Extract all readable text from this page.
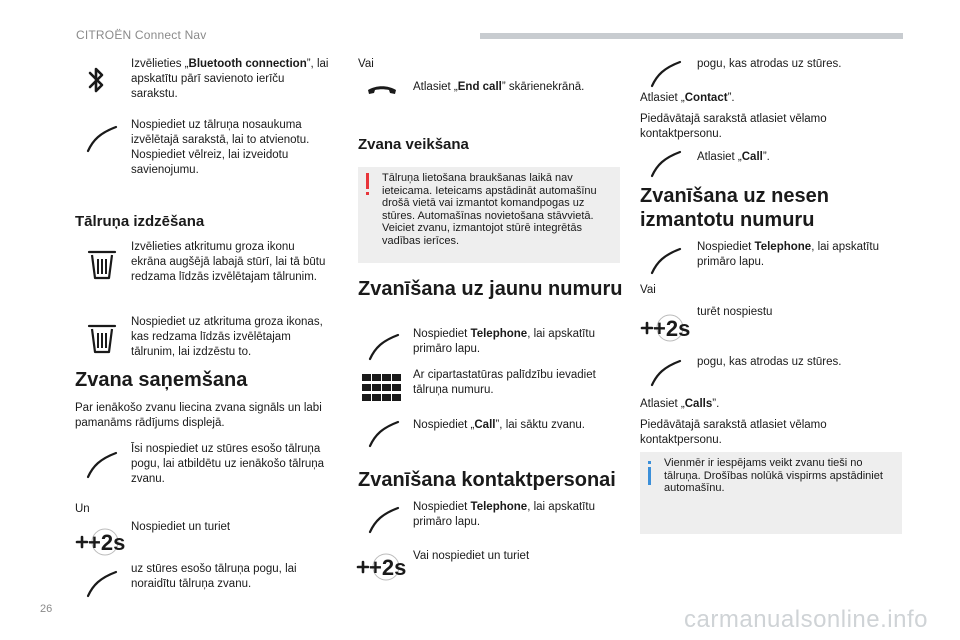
CITROËN Connect Nav
Izvēlieties „Bluetooth connection”, lai apskatītu pārī savienoto ierīču sarakstu.
Nospiediet uz tālruņa nosaukuma izvēlētajā sarakstā, lai to atvienotu. Nospiediet vēlreiz, lai izveidotu savienojumu.
Tālruņa izdzēšana
Izvēlieties atkritumu groza ikonu ekrāna augšējā labajā stūrī, lai tā būtu redzama līdzās izvēlētajam tālrunim.
Nospiediet uz atkrituma groza ikonas, kas redzama līdzās izvēlētajam tālrunim, lai izdzēstu to.
Zvana saņemšana
Par ienākošo zvanu liecina zvana signāls un labi pamanāms rādījums displejā.
Īsi nospiediet uz stūres esošo tālruņa pogu, lai atbildētu uz ienākošo tālruņa zvanu.
Un
Nospiediet un turiet
+2s
uz stūres esošo tālruņa pogu, lai noraidītu tālruņa zvanu.
Vai
Atlasiet „End call” skārienekrānā.
Zvana veikšana
Tālruņa lietošana braukšanas laikā nav ieteicama. Ieteicams apstādināt automašīnu drošā vietā vai izmantot komandpogas uz stūres. Automašīnas novietošana stāvvietā. Veiciet zvanu, izmantojot stūrē integrētās vadības ierīces.
Zvanīšana uz jaunu numuru
Nospiediet Telephone, lai apskatītu primāro lapu.
Ar cipartastatūras palīdzību ievadiet tālruņa numuru.
Nospiediet „Call”, lai sāktu zvanu.
Zvanīšana kontaktpersonai
Nospiediet Telephone, lai apskatītu primāro lapu.
Vai nospiediet un turiet
+2s
pogu, kas atrodas uz stūres.
Atlasiet „Contact”.
Piedāvātajā sarakstā atlasiet vēlamo kontaktpersonu.
Atlasiet „Call”.
Zvanīšana uz nesen izmantotu numuru
Nospiediet Telephone, lai apskatītu primāro lapu.
Vai
turēt nospiestu
+2s
pogu, kas atrodas uz stūres.
Atlasiet „Calls”.
Piedāvātajā sarakstā atlasiet vēlamo kontaktpersonu.
Vienmēr ir iespējams veikt zvanu tieši no tālruņa. Drošības nolūkā vispirms apstādiniet automašīnu.
26	carmanualsonline.info
